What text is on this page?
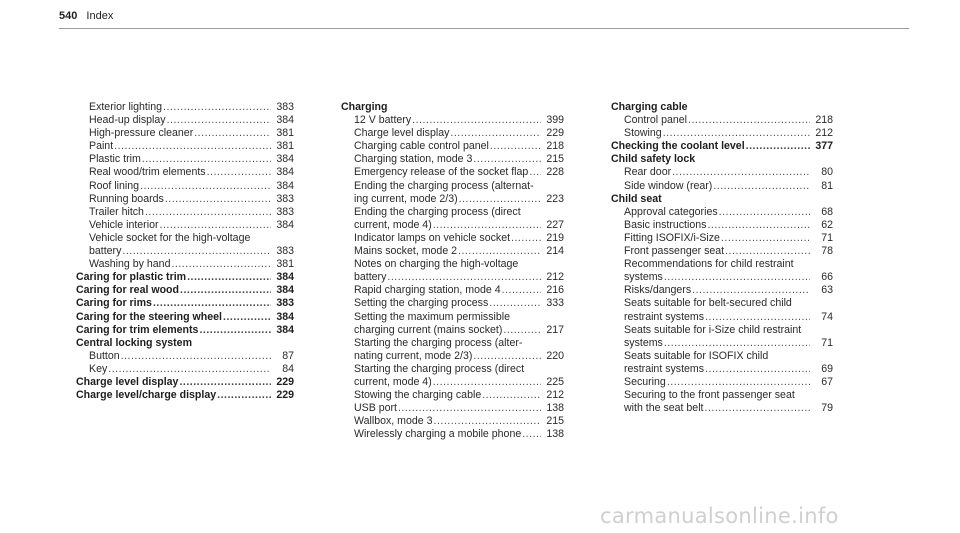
540 Index
Exterior lighting .....	383
Head-up display .....	384
High-pressure cleaner .....	381
Paint .....	381
Plastic trim .....	384
Real wood/trim elements .....	384
Roof lining .....	384
Running boards .....	383
Trailer hitch .....	383
Vehicle interior .....	384
Vehicle socket for the high-voltage
battery .....	383
Washing by hand .....	381
Caring for plastic trim .....	384
Caring for real wood .....	384
Caring for rims .....	383
Caring for the steering wheel .....	384
Caring for trim elements .....	384
Central locking system
Button .....	87
Key .....	84
Charge level display .....	229
Charge level/charge display .....	229
Charging
12 V battery .....	399
Charge level display .....	229
Charging cable control panel .....	218
Charging station, mode 3 .....	215
Emergency release of the socket flap .....	228
Ending the charging process (alternat-
ing current, mode 2/3) .....	223
Ending the charging process (direct
current, mode 4) .....	227
Indicator lamps on vehicle socket .....	219
Mains socket, mode 2 .....	214
Notes on charging the high-voltage
battery .....	212
Rapid charging station, mode 4 .....	216
Setting the charging process .....	333
Setting the maximum permissible
charging current (mains socket) .....	217
Starting the charging process (alter-
nating current, mode 2/3) .....	220
Starting the charging process (direct
current, mode 4) .....	225
Stowing the charging cable .....	212
USB port .....	138
Wallbox, mode 3 .....	215
Wirelessly charging a mobile phone .....	138
Charging cable
Control panel .....	218
Stowing .....	212
Checking the coolant level .....	377
Child safety lock
Rear door .....	80
Side window (rear) .....	81
Child seat
Approval categories .....	68
Basic instructions .....	62
Fitting ISOFIX/i-Size .....	71
Front passenger seat .....	78
Recommendations for child restraint
systems .....	66
Risks/dangers .....	63
Seats suitable for belt-secured child
restraint systems .....	74
Seats suitable for i-Size child restraint
systems .....	71
Seats suitable for ISOFIX child
restraint systems .....	69
Securing .....	67
Securing to the front passenger seat
with the seat belt .....	79
carmanualsonline.info
